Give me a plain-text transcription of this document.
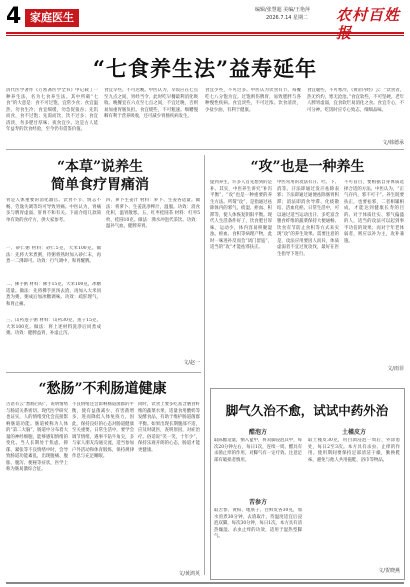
4 家庭医生
编辑/张慧超 美编/王艳萍
2026.7.14 星期二 农村百姓
“七食养生法”益寿延年
清代医学著作《万密斋医学全书》中记载了一种养生法，名为七食养生法。其中所载“七食”的大意是：食不可过饱，宜常少食；食宜温热，勿食生冷；食宜细缓，勿急促狼吞；先饥而食，食不过饱；先渴而饮，饮不过多；食宜清淡，勿多肥甘厚味；夜食宜少。这是古人延年益寿的饮食经验，至今仍有借鉴价值。
食宜早些。不可迟晚。中医认为，早饭应在七点至九点之间，胃经当令，此时吃早餐最利消化吸收。晚餐宜在六点至七点之间，不宜过晚，否则易加重胃肠负担。食宜缓些，不可粗速。细嚼慢咽有利于营养吸收，还可减少胃肠疾病发生。
食宜少些，不可过多。中医认为饮食有节，每餐吃七八分饱为宜。过饱则伤脾胃，易致肥胖与各种慢性疾病。食宜淡些，不可过浓。饮食清淡，少盐少油，有利于健康。
食宜暖些，不可寒冷。《黄帝内经》云：“饮食者，热无灼灼，寒无沧沧。”食宜软些，不可坚硬。老年人脾胃虚弱，宜食软烂易消化之食。食宜专心，不可分神。吃饭时应专心致志，细细品味。
文/韩德承
“本草”说养生
简单食疗胃痛消
胃是人体重要的消化器官。饮食不节、情志不畅、劳逸失调等均可导致胃痛。中医认为，胃痛多与脾胃虚弱、肝胃不和有关。下面介绍几款简单有效的食疗方，供大家参考。
一、砂仁粥 材料：砂仁5克，大米100克。做法：先将大米煮粥，待粥将熟时加入砂仁末，再煮一二沸即可。功效：行气调中，和胃醒脾。
二、佛手粥 材料：佛手15克，大米100克，冰糖适量。做法：先将佛手煎汤去渣，再加入大米同煮为粥，粥成后加冰糖调味。功效：疏肝理气，和胃止痛。
三、山药莲子粥 材料：山药30克，莲子15克，大米100克。做法：将上述材料洗净后同煮成粥。功效：健脾益胃，补虚止泻。
四、萝卜生姜汁 材料：萝卜、生姜各适量。做法：将萝卜、生姜洗净榨汁，温服。功效：消食化积，温胃散寒。五、红枣桂圆茶 材料：红枣5枚，桂圆10克。做法：沸水冲泡代茶饮。功效：温补气血，健脾养胃。
文/赵一
“攻”也是一种养生
提到养生，许多人首先想到的是补。其实，中医养生讲究“补泻平衡”，“攻”也是一种重要的养生方法。所谓“攻”，是指通过祛除体内的邪气、痰湿、瘀血、积滞等，使人体恢复阴阳平衡。现代人生活条件好了，饮食肥甘厚味，运动少，体内容易积聚湿浊、瘀血、食积等病理产物，此时一味进补反而会“闭门留寇”，适当的“攻”才能祛邪扶正。
中医常用的攻法有汗、吐、下、消等。汗法即通过发汗祛除表邪；下法即通过通便祛除肠胃积滞；消法即消食导滞、化痰散结、活血化瘀。日常生活中，可以通过适当运动出汗、多吃富含膳食纤维的蔬菜保持大便通畅、饮食有节防止食积等方式来实现“攻”的养生效果。需要注意的是，攻法应用要因人而异，体质虚弱者不宜过度攻伐，最好在医生指导下进行。
不可盲目，要根据自身体质选择合适的方法。中医认为，“正气存内，邪不可干”。养生既要扶正，也要祛邪，二者相辅相成，才能达到健康长寿的目的。对于体质壮实、邪气偏盛的人，适当的攻法可以起到事半功倍的效果；而对于年老体弱者，则应以补为主，攻补兼施。
文/雨菲
“愁肠”不利肠道健康
古语有云“愁肠百结”，说明情绪与肠道关系密切。现代医学研究也证实，人的情绪变化会直接影响肠道功能。肠道被称为人体的“第二大脑”，肠道中分布着大量的神经细胞，能够感知情绪的变化。当人长期处于焦虑、抑郁、紧张等不良情绪中时，会导致肠道功能紊乱，出现腹痛、腹胀、腹泻、便秘等症状，医学上称为肠易激综合征。
不良情绪还会影响肠道菌群的平衡，使有益菌减少、有害菌增多，进而降低人体免疫力。因此，保持良好的心态对肠道健康至关重要。日常生活中，要学会调节情绪，遇事不钻牛角尖，多与家人朋友沟通交流，适当参加户外活动和体育锻炼，保持规律作息与充足睡眠。
同时，饮食上要多吃富含膳食纤维的蔬菜水果，适量食用酸奶等发酵食品，有助于维护肠道菌群平衡。如果出现长期腹部不适，应及时就医，查明原因，对症治疗。俗话说“笑一笑，十年少”，保持乐观开朗的心态，肠道才能更健康。
文/黄鸿英
脚气久治不愈，试试中药外治
醋泡方
取陈醋适量，倒入盆中，将双脚浸泡其中，每次20分钟左右，每日1次，连续一周。醋具有杀菌止痒的作用，对脚气有一定疗效。注意足部有破损者慎用。
苦参方
取苦参、黄柏、地肤子、白鲜皮各30克，加水煎煮30分钟，去渣取汁，待温度适宜后浸泡双脚，每次30分钟，每日1次。本方具有清热燥湿、杀虫止痒的功效，适用于湿热型脚气。
土槿皮方
取土槿皮30克，用白酒浸泡一周后，外涂患处，每日2至3次。本方具有杀虫、止痒的作用。使用期间要保持足部清洁干燥，勤换鞋袜，避免与他人共用拖鞋、浴巾等物品。
文/贺晓燕
